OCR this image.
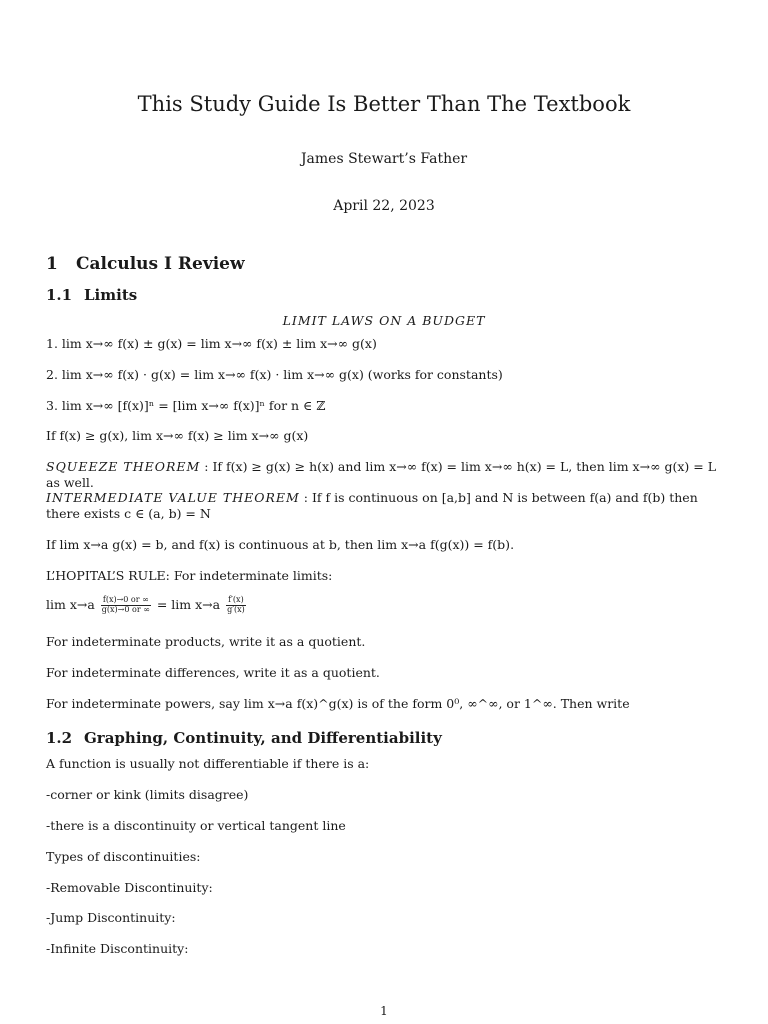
This Study Guide Is Better Than The Textbook
James Stewart’s Father
April 22, 2023
1 Calculus I Review
1.1 Limits
LIMIT LAWS ON A BUDGET
1. lim x→∞ f(x) ± g(x) = lim x→∞ f(x) ± lim x→∞ g(x)
2. lim x→∞ f(x) · g(x) = lim x→∞ f(x) · lim x→∞ g(x) (works for constants)
3. lim x→∞ [f(x)]ⁿ = [lim x→∞ f(x)]ⁿ for n ∈ ℤ
If f(x) ≥ g(x), lim x→∞ f(x) ≥ lim x→∞ g(x)
SQUEEZE THEOREM : If f(x) ≥ g(x) ≥ h(x) and lim x→∞ f(x) = lim x→∞ h(x) = L, then lim x→∞ g(x) = L as well.
INTERMEDIATE VALUE THEOREM : If f is continuous on [a,b] and N is between f(a) and f(b) then there exists c ∈ (a, b) = N
If lim x→a g(x) = b, and f(x) is continuous at b, then lim x→a f(g(x)) = f(b).
L’HOPITAL’S RULE: For indeterminate limits:
$\lim x\to a \frac{f(x)\to 0 or \infty}{g(x)\to 0 or \infty} = \lim x\to a \frac{f'(x)}{g'(x)}$
For indeterminate products, write it as a quotient.
For indeterminate differences, write it as a quotient.
For indeterminate powers, say lim x→a f(x)^g(x) is of the form 0⁰, ∞^∞, or 1^∞. Then write
1.2 Graphing, Continuity, and Differentiability
A function is usually not differentiable if there is a:
-corner or kink (limits disagree)
-there is a discontinuity or vertical tangent line
Types of discontinuities:
-Removable Discontinuity:
-Jump Discontinuity:
-Infinite Discontinuity:
1
